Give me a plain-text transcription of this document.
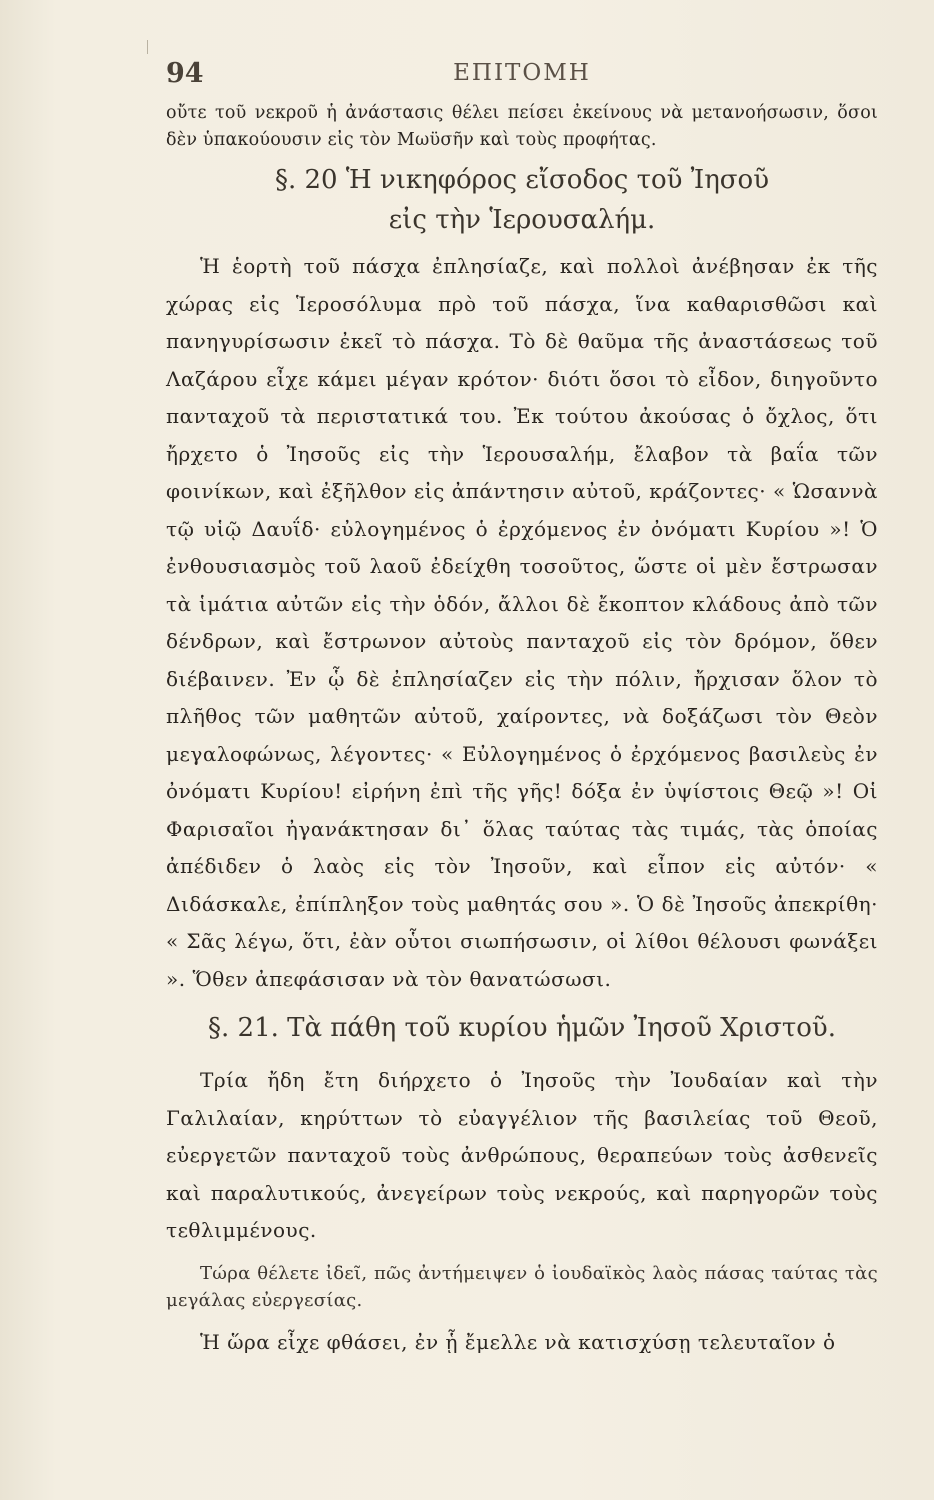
94	ΕΠΙΤΟΜΗ

οὔτε τοῦ νεκροῦ ἡ ἀνάστασις θέλει πείσει ἐκείνους νὰ μετανοήσωσιν, ὅσοι δὲν ὑπακούουσιν εἰς τὸν Μωϋσῆν καὶ τοὺς προφήτας.

§. 20 Ἡ νικηφόρος εἴσοδος τοῦ Ἰησοῦ
εἰς τὴν Ἱερουσαλήμ.

Ἡ ἑορτὴ τοῦ πάσχα ἐπλησίαζε, καὶ πολλοὶ ἀνέβησαν ἐκ τῆς χώρας εἰς Ἱεροσόλυμα πρὸ τοῦ πάσχα, ἵνα καθαρισθῶσι καὶ πανηγυρίσωσιν ἐκεῖ τὸ πάσχα. Τὸ δὲ θαῦμα τῆς ἀναστάσεως τοῦ Λαζάρου εἶχε κάμει μέγαν κρότον· διότι ὅσοι τὸ εἶδον, διηγοῦντο πανταχοῦ τὰ περιστατικά του. Ἐκ τούτου ἀκούσας ὁ ὄχλος, ὅτι ἤρχετο ὁ Ἰησοῦς εἰς τὴν Ἱερουσαλήμ, ἔλαβον τὰ βαΐα τῶν φοινίκων, καὶ ἐξῆλθον εἰς ἀπάντησιν αὐτοῦ, κράζοντες· « Ὡσαννὰ τῷ υἱῷ Δαυΐδ· εὐλογημένος ὁ ἐρχόμενος ἐν ὀνόματι Κυρίου »! Ὁ ἐνθουσιασμὸς τοῦ λαοῦ ἐδείχθη τοσοῦτος, ὥστε οἱ μὲν ἔστρωσαν τὰ ἱμάτια αὐτῶν εἰς τὴν ὁδόν, ἄλλοι δὲ ἔκοπτον κλάδους ἀπὸ τῶν δένδρων, καὶ ἔστρωνον αὐτοὺς πανταχοῦ εἰς τὸν δρόμον, ὅθεν διέβαινεν. Ἐν ᾧ δὲ ἐπλησίαζεν εἰς τὴν πόλιν, ἤρχισαν ὅλον τὸ πλῆθος τῶν μαθητῶν αὐτοῦ, χαίροντες, νὰ δοξάζωσι τὸν Θεὸν μεγαλοφώνως, λέγοντες· « Εὐλογημένος ὁ ἐρχόμενος βασιλεὺς ἐν ὀνόματι Κυρίου! εἰρήνη ἐπὶ τῆς γῆς! δόξα ἐν ὑψίστοις Θεῷ »! Οἱ Φαρισαῖοι ἠγανάκτησαν δι᾽ ὅλας ταύτας τὰς τιμάς, τὰς ὁποίας ἀπέδιδεν ὁ λαὸς εἰς τὸν Ἰησοῦν, καὶ εἶπον εἰς αὐτόν· « Διδάσκαλε, ἐπίπληξον τοὺς μαθητάς σου ». Ὁ δὲ Ἰησοῦς ἀπεκρίθη· « Σᾶς λέγω, ὅτι, ἐὰν οὗτοι σιωπήσωσιν, οἱ λίθοι θέλουσι φωνάξει ». Ὅθεν ἀπεφάσισαν νὰ τὸν θανατώσωσι.

§. 21. Τὰ πάθη τοῦ κυρίου ἡμῶν Ἰησοῦ Χριστοῦ.

Τρία ἤδη ἔτη διήρχετο ὁ Ἰησοῦς τὴν Ἰουδαίαν καὶ τὴν Γαλιλαίαν, κηρύττων τὸ εὐαγγέλιον τῆς βασιλείας τοῦ Θεοῦ, εὐεργετῶν πανταχοῦ τοὺς ἀνθρώπους, θεραπεύων τοὺς ἀσθενεῖς καὶ παραλυτικούς, ἀνεγείρων τοὺς νεκρούς, καὶ παρηγορῶν τοὺς τεθλιμμένους.

Τώρα θέλετε ἰδεῖ, πῶς ἀντήμειψεν ὁ ἰουδαϊκὸς λαὸς πάσας ταύτας τὰς μεγάλας εὐεργεσίας.

Ἡ ὥρα εἶχε φθάσει, ἐν ᾗ ἔμελλε νὰ κατισχύσῃ τελευταῖον ὁ
